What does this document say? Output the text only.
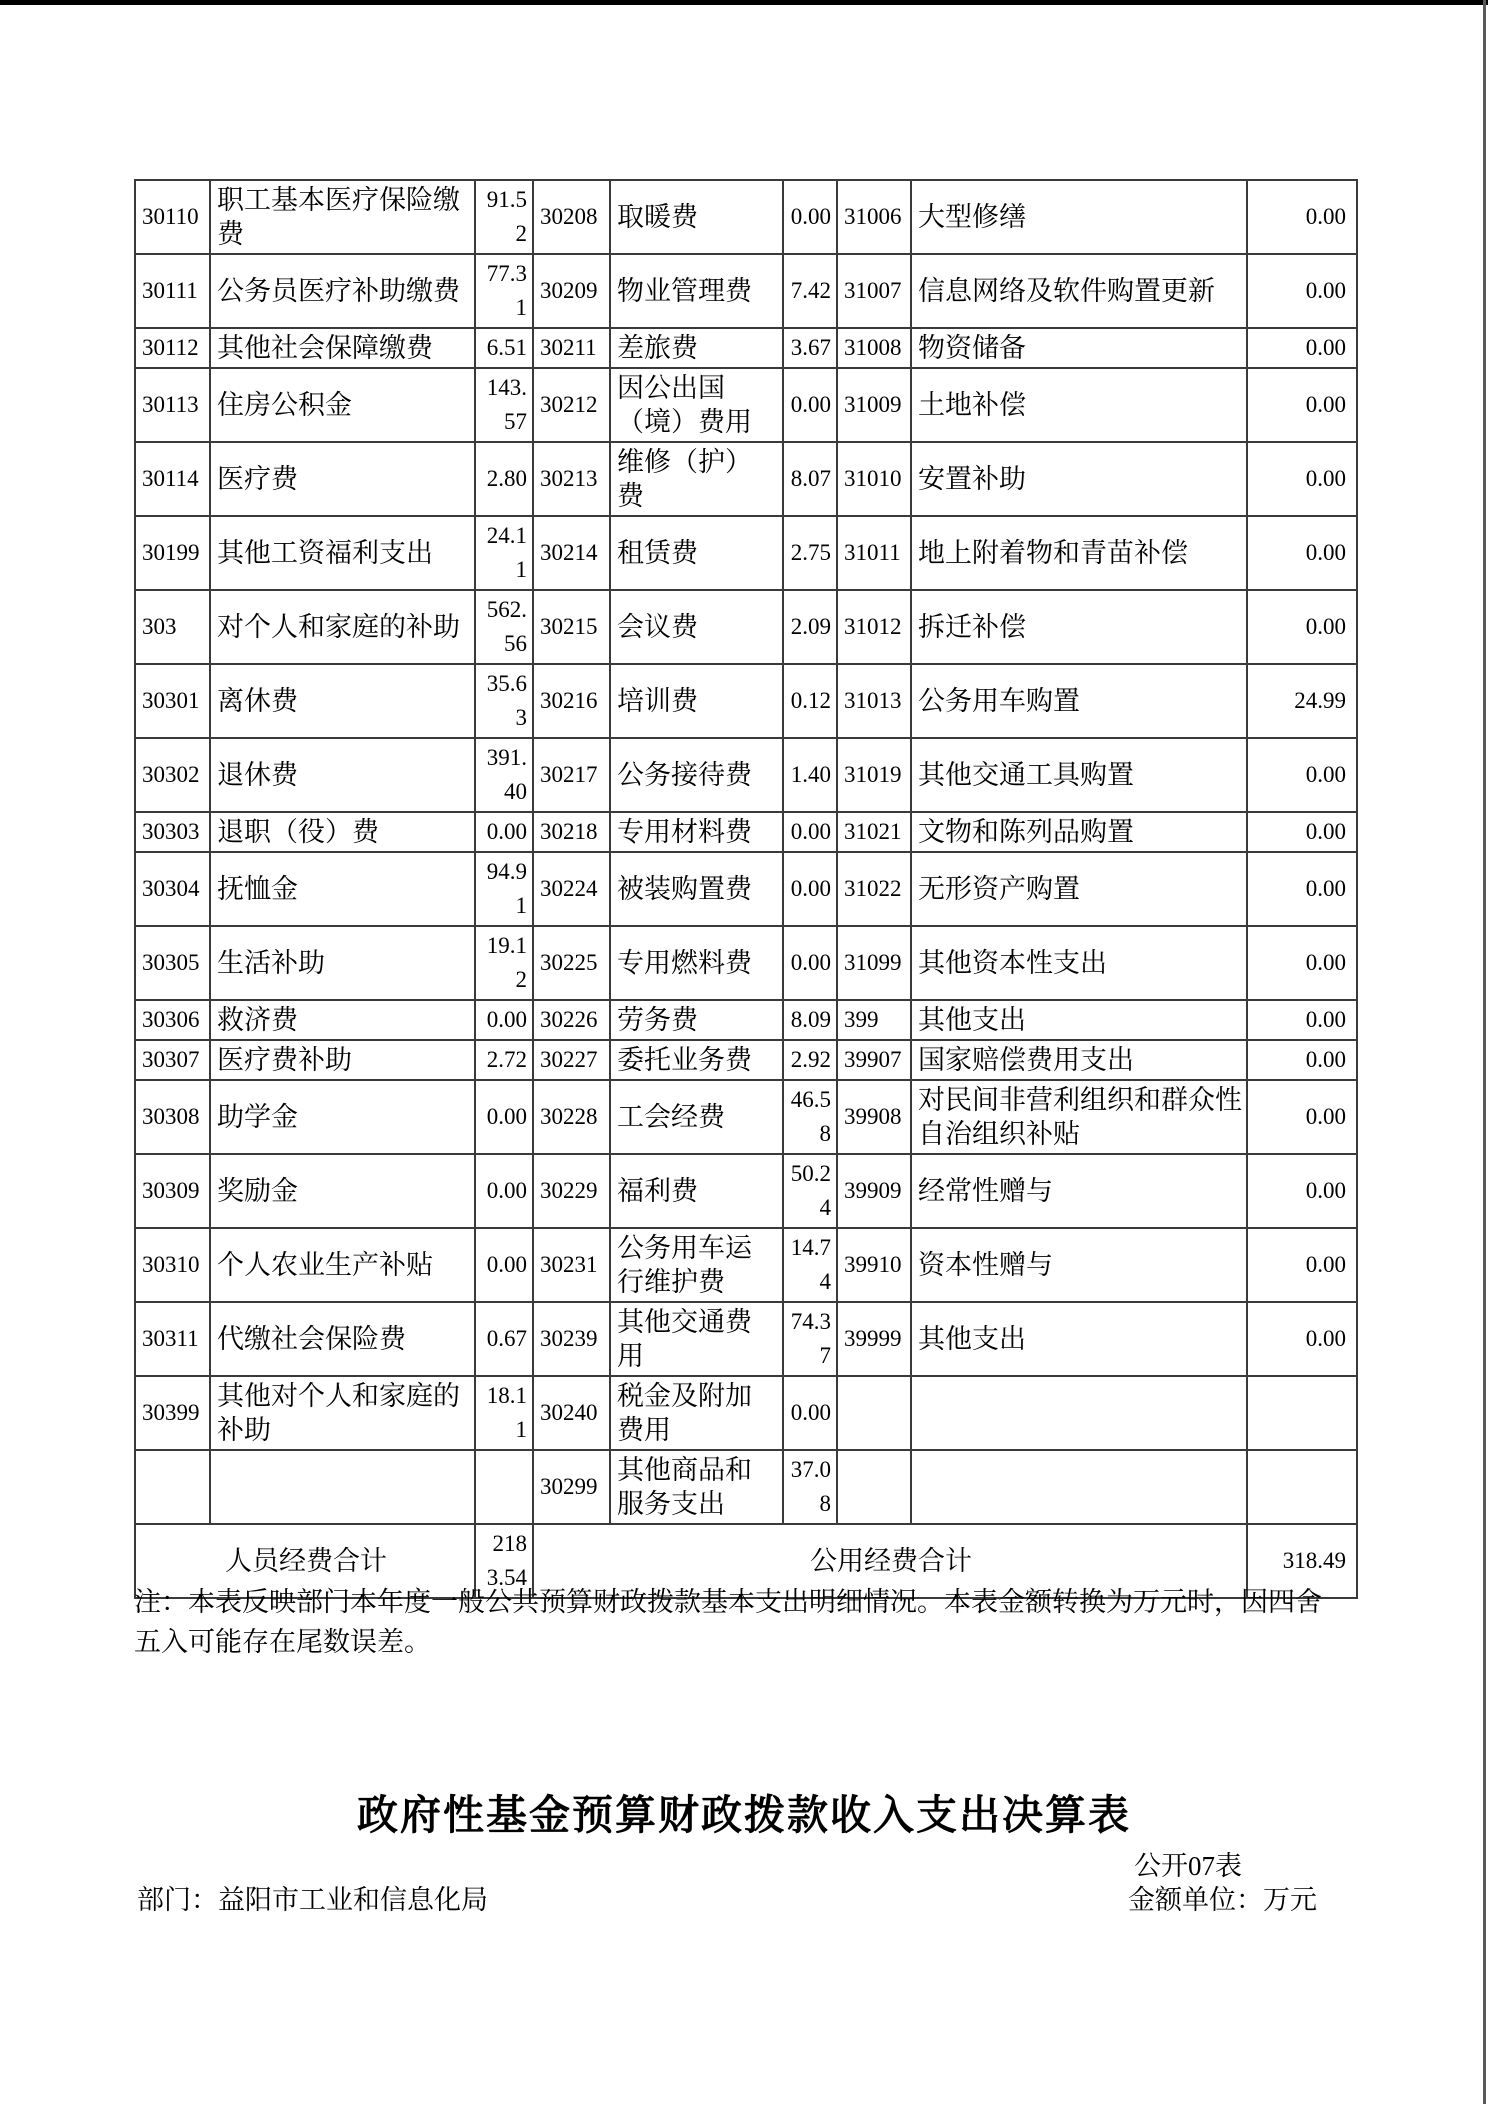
30110	职工基本医疗保险缴费	91.52	30208	取暖费	0.00	31006	大型修缮	0.00
30111	公务员医疗补助缴费	77.31	30209	物业管理费	7.42	31007	信息网络及软件购置更新	0.00
30112	其他社会保障缴费	6.51	30211	差旅费	3.67	31008	物资储备	0.00
30113	住房公积金	143.57	30212	因公出国（境）费用	0.00	31009	土地补偿	0.00
30114	医疗费	2.80	30213	维修（护）费	8.07	31010	安置补助	0.00
30199	其他工资福利支出	24.11	30214	租赁费	2.75	31011	地上附着物和青苗补偿	0.00
303	对个人和家庭的补助	562.56	30215	会议费	2.09	31012	拆迁补偿	0.00
30301	离休费	35.63	30216	培训费	0.12	31013	公务用车购置	24.99
30302	退休费	391.40	30217	公务接待费	1.40	31019	其他交通工具购置	0.00
30303	退职（役）费	0.00	30218	专用材料费	0.00	31021	文物和陈列品购置	0.00
30304	抚恤金	94.91	30224	被装购置费	0.00	31022	无形资产购置	0.00
30305	生活补助	19.12	30225	专用燃料费	0.00	31099	其他资本性支出	0.00
30306	救济费	0.00	30226	劳务费	8.09	399	其他支出	0.00
30307	医疗费补助	2.72	30227	委托业务费	2.92	39907	国家赔偿费用支出	0.00
30308	助学金	0.00	30228	工会经费	46.58	39908	对民间非营利组织和群众性自治组织补贴	0.00
30309	奖励金	0.00	30229	福利费	50.24	39909	经常性赠与	0.00
30310	个人农业生产补贴	0.00	30231	公务用车运行维护费	14.74	39910	资本性赠与	0.00
30311	代缴社会保险费	0.67	30239	其他交通费用	74.37	39999	其他支出	0.00
30399	其他对个人和家庭的补助	18.11	30240	税金及附加费用	0.00			
			30299	其他商品和服务支出	37.08			
人员经费合计		2183.54	公用经费合计					318.49
注：本表反映部门本年度一般公共预算财政拨款基本支出明细情况。本表金额转换为万元时，因四舍五入可能存在尾数误差。
政府性基金预算财政拨款收入支出决算表
公开07表
部门：益阳市工业和信息化局	金额单位：万元
